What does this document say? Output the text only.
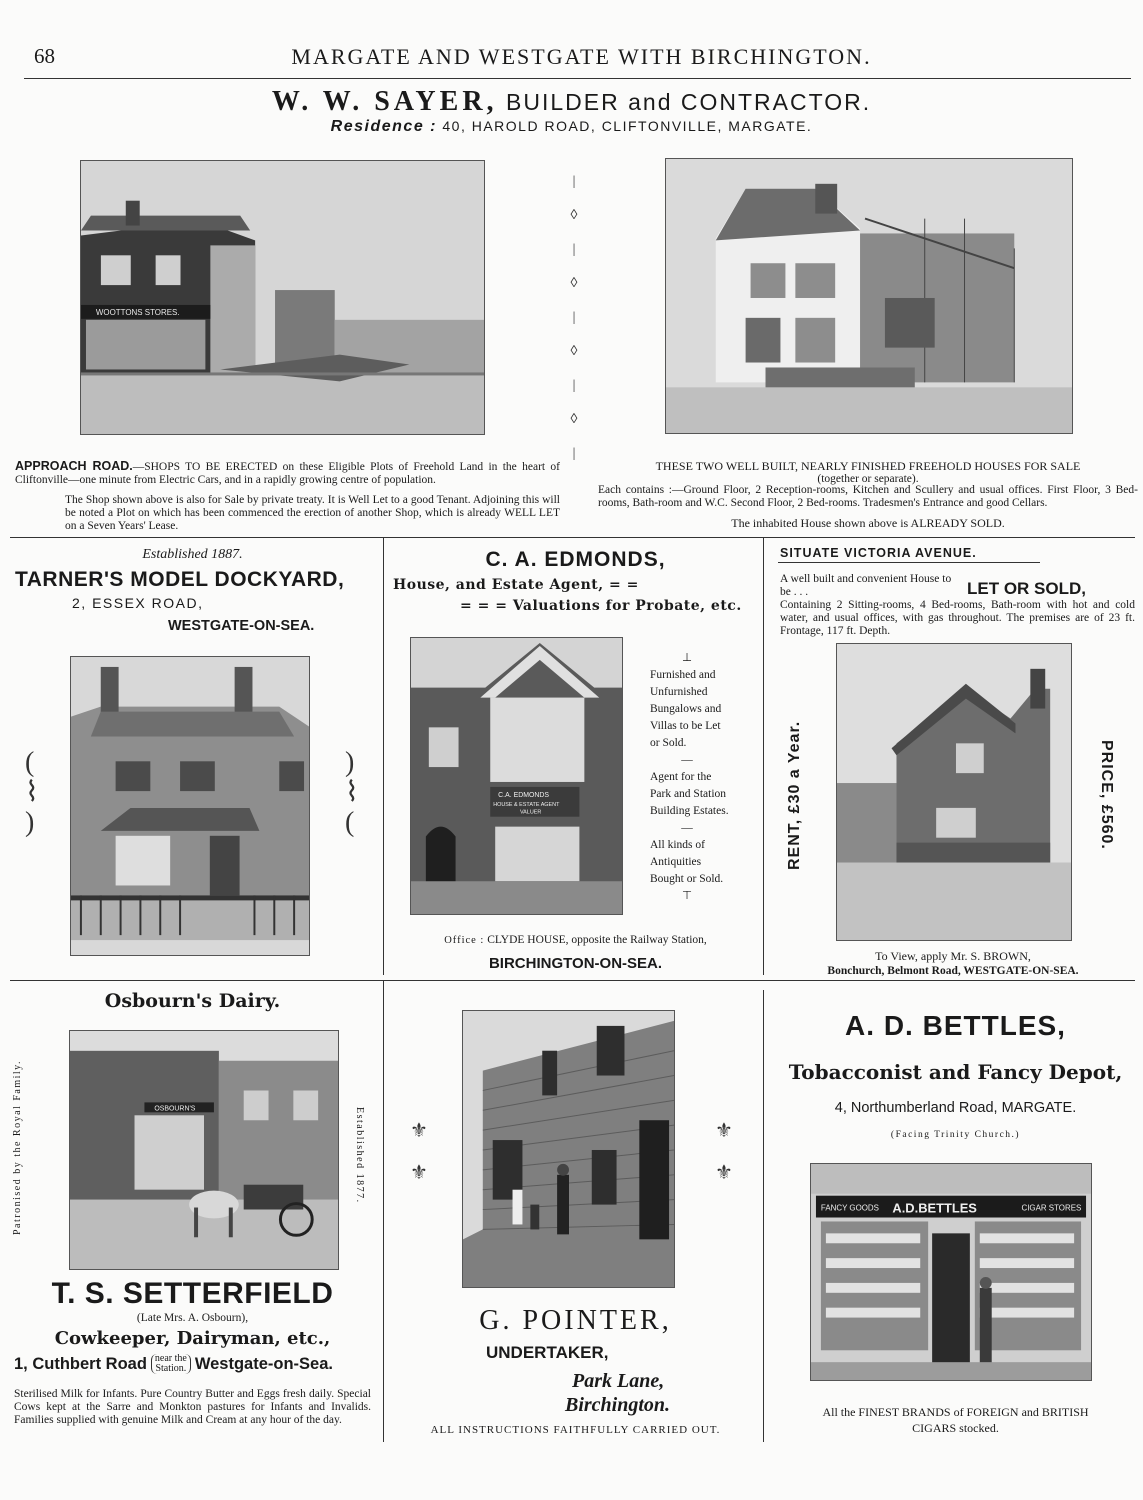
68	MARGATE AND WESTGATE WITH BIRCHINGTON.
W. W. SAYER, BUILDER and CONTRACTOR.
Residence : 40, HAROLD ROAD, CLIFTONVILLE, MARGATE.
WOOTTONS STORES.
|
◊
|
◊
|
◊
|
◊
|
APPROACH ROAD.—SHOPS TO BE ERECTED on these Eligible Plots of Freehold Land in the heart of Cliftonville—one minute from Electric Cars, and in a rapidly growing centre of population.
The Shop shown above is also for Sale by private treaty. It is Well Let to a good Tenant. Adjoining this will be noted a Plot on which has been commenced the erection of another Shop, which is already WELL LET on a Seven Years' Lease.
THESE TWO WELL BUILT, NEARLY FINISHED FREEHOLD HOUSES FOR SALE
(together or separate).
Each contains :—Ground Floor, 2 Reception-rooms, Kitchen and Scullery and usual offices. First Floor, 3 Bed-rooms, Bath-room and W.C. Second Floor, 2 Bed-rooms. Tradesmen's Entrance and good Cellars.
The inhabited House shown above is ALREADY SOLD.
Established 1887.
TARNER'S MODEL DOCKYARD,
2, ESSEX ROAD,
WESTGATE-ON-SEA.
(
⌇
)
)
⌇
(
C. A. EDMONDS,
House, and Estate Agent, = =
= = = Valuations for Probate, etc.
C.A. EDMONDS
HOUSE & ESTATE AGENT
VALUER
⊥
Furnished and Unfurnished Bungalows and Villas to be Let or Sold.
—
Agent for the Park and Station Building Estates.
—
All kinds of Antiquities Bought or Sold.
⊤
Office : CLYDE HOUSE, opposite the Railway Station,
BIRCHINGTON-ON-SEA.
SITUATE VICTORIA AVENUE.
A well built and convenient House to be . . .	LET OR SOLD,
Containing 2 Sitting-rooms, 4 Bed-rooms, Bath-room with hot and cold water, and usual offices, with gas throughout. The premises are of 23 ft. Frontage, 117 ft. Depth.
RENT, £30 a Year.	PRICE, £560.
To View, apply Mr. S. BROWN,
Bonchurch, Belmont Road, WESTGATE-ON-SEA.
Osbourn's Dairy.
Patronised by the Royal Family.	Established 1877.
OSBOURN'S
T. S. SETTERFIELD
(Late Mrs. A. Osbourn),
Cowkeeper, Dairyman, etc.,
1, Cuthbert Road near the
Station. Westgate-on-Sea.
Sterilised Milk for Infants. Pure Country Butter and Eggs fresh daily. Special Cows kept at the Sarre and Monkton pastures for Infants and Invalids. Families supplied with genuine Milk and Cream at any hour of the day.
⚜
⚜
⚜
⚜
G. POINTER,
UNDERTAKER,
Park Lane,
Birchington.
ALL INSTRUCTIONS FAITHFULLY CARRIED OUT.
A. D. BETTLES,
Tobacconist and Fancy Depot,
4, Northumberland Road, MARGATE.
(Facing Trinity Church.)
FANCY GOODS A.D.BETTLES	CIGAR STORES
All the FINEST BRANDS of FOREIGN and BRITISH
CIGARS stocked.
